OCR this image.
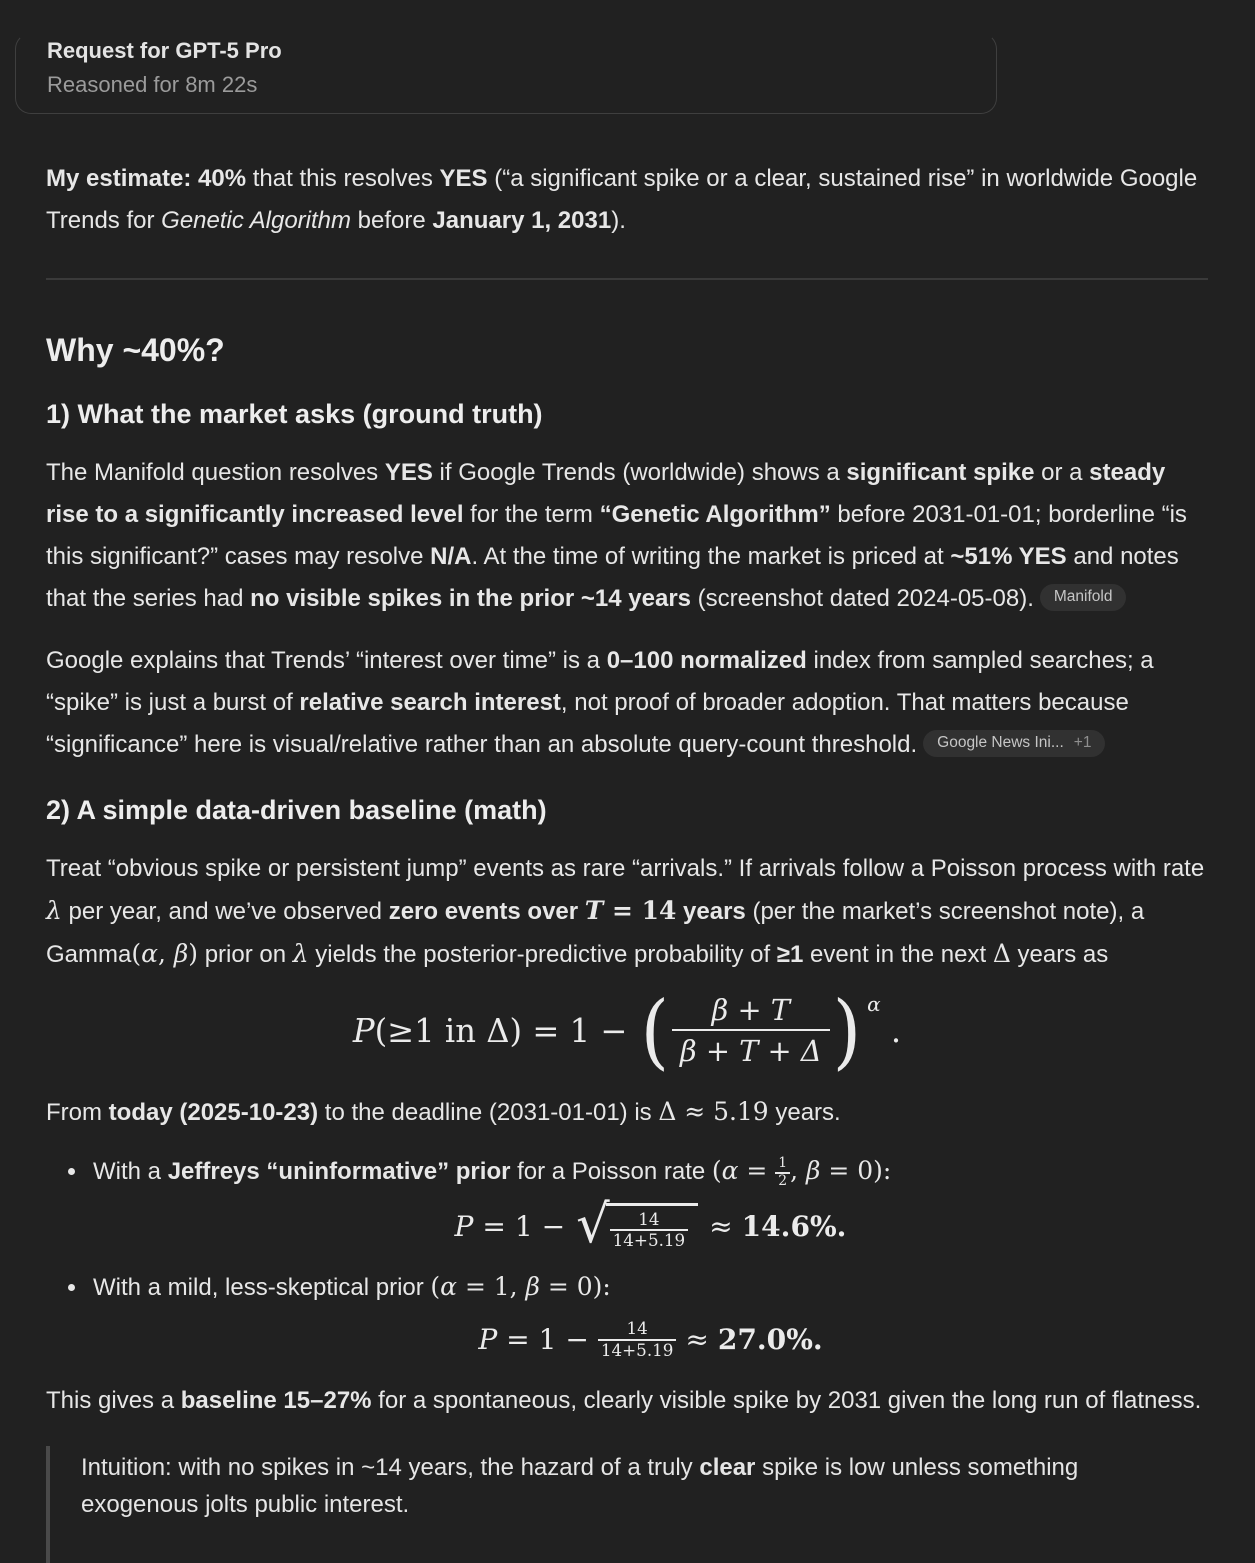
Request for GPT-5 Pro
Reasoned for 8m 22s

My estimate: 40% that this resolves YES (“a significant spike or a clear, sustained rise” in worldwide Google Trends for Genetic Algorithm before January 1, 2031).

Why ~40%?
1) What the market asks (ground truth)

The Manifold question resolves YES if Google Trends (worldwide) shows a significant spike or a steady rise to a significantly increased level for the term “Genetic Algorithm” before 2031-01-01; borderline “is this significant?” cases may resolve N/A. At the time of writing the market is priced at ~51% YES and notes that the series had no visible spikes in the prior ~14 years (screenshot dated 2024-05-08). Manifold

Google explains that Trends’ “interest over time” is a 0–100 normalized index from sampled searches; a “spike” is just a burst of relative search interest, not proof of broader adoption. That matters because “significance” here is visual/relative rather than an absolute query-count threshold. Google News Ini... +1

2) A simple data-driven baseline (math)

Treat “obvious spike or persistent jump” events as rare “arrivals.” If arrivals follow a Poisson process with rate λ per year, and we’ve observed zero events over T = 14 years (per the market’s screenshot note), a Gamma(α, β) prior on λ yields the posterior-predictive probability of ≥1 event in the next Δ years as

P (≥1 in Δ) = 1 − ( $\frac{\beta + T}{\beta + T + \Delta}$ ) α
.

From today (2025-10-23) to the deadline (2031-01-01) is Δ ≈ 5.19 years.

With a Jeffreys “uninformative” prior for a Poisson rate ($\alpha = \frac{1}{2}$ , β = 0):
P = 1 − √ $\frac{14}{14+5.19} \approx 14.6\%$.
With a mild, less-skeptical prior (α = 1, β = 0):
$P = 1 - \frac{14}{14+5.19} \approx 27.0\%$.

This gives a baseline 15–27% for a spontaneous, clearly visible spike by 2031 given the long run of flatness.

Intuition: with no spikes in ~14 years, the hazard of a truly clear spike is low unless something exogenous jolts public interest.
